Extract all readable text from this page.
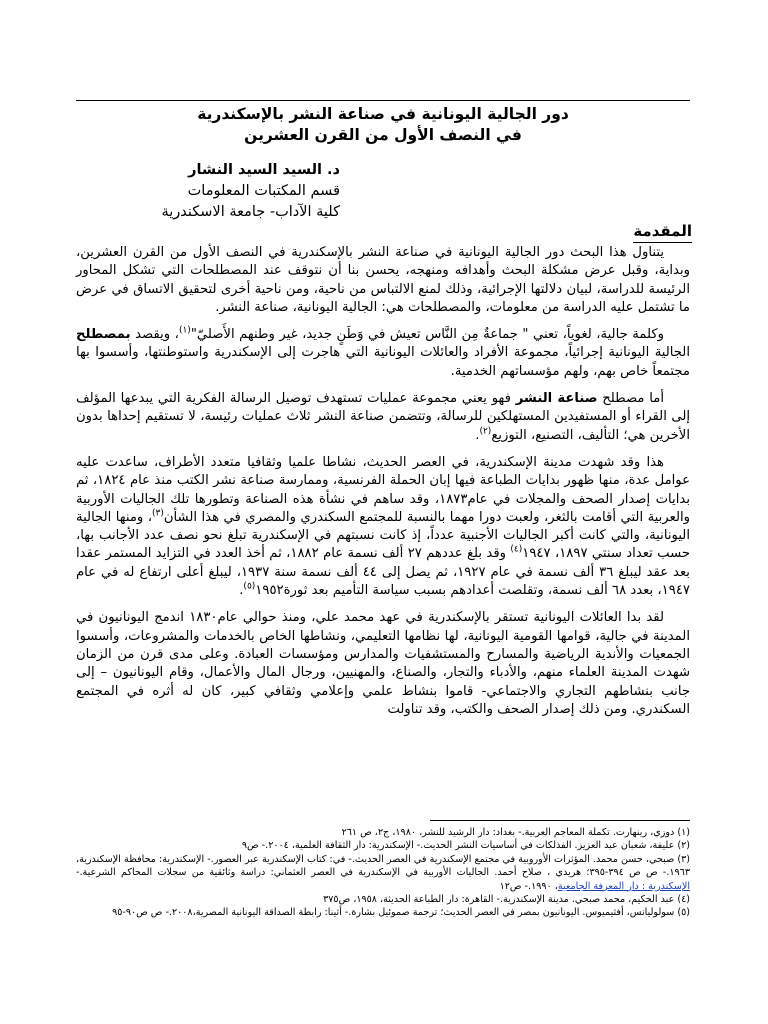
دور الجالية اليونانية في صناعة النشر بالإسكندرية
في النصف الأول من القرن العشرين
د. السيد السيد النشار
قسم المكتبات المعلومات
كلية الآداب- جامعة الاسكندرية
المقدمة

يتناول هذا البحث دور الجالية اليونانية في صناعة النشر بالإسكندرية في النصف الأول من القرن العشرين، وبداية، وقبل عرض مشكلة البحث وأهدافه ومنهجه، يحسن بنا أن نتوقف عند المصطلحات التي تشكل المحاور الرئيسة للدراسة، لبيان دلالتها الإجرائية، وذلك لمنع الالتباس من ناحية، ومن ناحية أخرى لتحقيق الاتساق في عرض ما تشتمل عليه الدراسة من معلومات، والمصطلحات هي: الجالية اليونانية، صناعة النشر.

وكلمة جالية، لغوياً، تعني " جماعةٌ مِن النَّاس تعيش في وَطَنٍ جديد، غير وطنهم الأَصليّ"$^{(١)}$، ويقصد بمصطلح الجالية اليونانية إجرائياً، مجموعة الأفراد والعائلات اليونانية التي هاجرت إلى الإسكندرية واستوطنتها، وأسسوا بها مجتمعاً خاص بهم، ولهم مؤسساتهم الخدمية.

أما مصطلح صناعة النشر فهو يعني مجموعة عمليات تستهدف توصيل الرسالة الفكرية التي يبدعها المؤلف إلى القراء أو المستفيدين المستهلكين للرسالة، وتتضمن صناعة النشر ثلاث عمليات رئيسة، لا تستقيم إحداها بدون الأخرين هي؛ التأليف، التصنيع، التوزيع$^{(٢)}$.

هذا وقد شهدت مدينة الإسكندرية، في العصر الحديث، نشاطا علميا وثقافيا متعدد الأطراف، ساعدت عليه عوامل عدة، منها ظهور بدايات الطباعة فيها إبان الحملة الفرنسية، وممارسة صناعة نشر الكتب منذ عام ١٨٢٤، ثم بدايات إصدار الصحف والمجلات في عام١٨٧٣، وقد ساهم في نشأة هذه الصناعة وتطورها تلك الجاليات الأوربية والعربية التي أقامت بالثغر، ولعبت دورا مهما بالنسبة للمجتمع السكندري والمصري في هذا الشأن$^{(٣)}$، ومنها الجالية اليونانية، والتي كانت أكبر الجاليات الأجنبية عدداً، إذ كانت نسبتهم في الإسكندرية تبلغ نحو نصف عدد الأجانب بها، حسب تعداد سنتي ١٨٩٧، ١٩٤٧$^{(٤)}$ وقد بلغ عددهم ٢٧ ألف نسمة عام ١٨٨٢، ثم أخذ العدد في التزايد المستمر عقدا بعد عقد ليبلغ ٣٦ ألف نسمة في عام ١٩٢٧، ثم يصل إلى ٤٤ ألف نسمة سنة ١٩٣٧، ليبلغ أعلى ارتفاع له في عام ١٩٤٧، بعدد ٦٨ ألف نسمة، وتقلصت أعدادهم بسبب سياسة التأميم بعد ثورة١٩٥٢$^{(٥)}$.

لقد بدا العائلات اليونانية تستقر بالإسكندرية في عهد محمد علي، ومنذ حوالي عام١٨٣٠ اندمج اليونانيون في المدينة في جالية، قوامها القومية اليونانية، لها نظامها التعليمي، ونشاطها الخاص بالخدمات والمشروعات، وأسسوا الجمعيات والأندية الرياضية والمسارح والمستشفيات والمدارس ومؤسسات العبادة. وعلى مدى قرن من الزمان شهدت المدينة العلماء منهم، والأدباء والتجار، والصناع، والمهنيين، ورجال المال والأعمال، وقام اليونانيون – إلى جانب بنشاطهم التجاري والاجتماعي- قاموا بنشاط علمي وإعلامي وثقافي كبير، كان له أثره في المجتمع السكندري. ومن ذلك إصدار الصحف والكتب، وقد تناولت

(١) دوزي، رينهارت. تكملة المعاجم العربية.- بغداد: دار الرشيد للنشر، ١٩٨٠، ج٢، ص ٢٦١

(٢) عليفة، شعبان عبد العزيز. الفذلكات في أساسيات النشر الحديث.- الإسكندرية: دار الثقافة العلمية، ٢٠٠٤.- ص٩

(٣) صبحي، حسن محمد. المؤثرات الأوروبية في مجتمع الإسكندرية في العصر الحديث.- في: كتاب الإسكندرية عبر العصور.- الإسكندرية: محافظة الإسكندرية، ١٩٦٣.- ص ص ٣٩٤-٣٩٥؛ هريدي ، صلاح أحمد. الجاليات الأوربية في الإسكندرية في العصر العثماني: دراسة وثائقية من سجلات المحاكم الشرعية.- الإسكندرية : دار المعرفة الجامعية، ١٩٩٠.- ص١٢

(٤) عبد الحكيم، محمد صبحي. مدينة الإسكندرية.- القاهرة: دار الطباعة الحديثة، ١٩٥٨، ص٣٧٥

(٥) سولوليانس، أفثيميوس. اليونانيون بمصر في العصر الحديث؛ ترجمة صموئيل بشارة.- أثينا: رابطة الصداقة اليونانية المصرية،٢٠٠٨.- ص ص٩٠-٩٥
